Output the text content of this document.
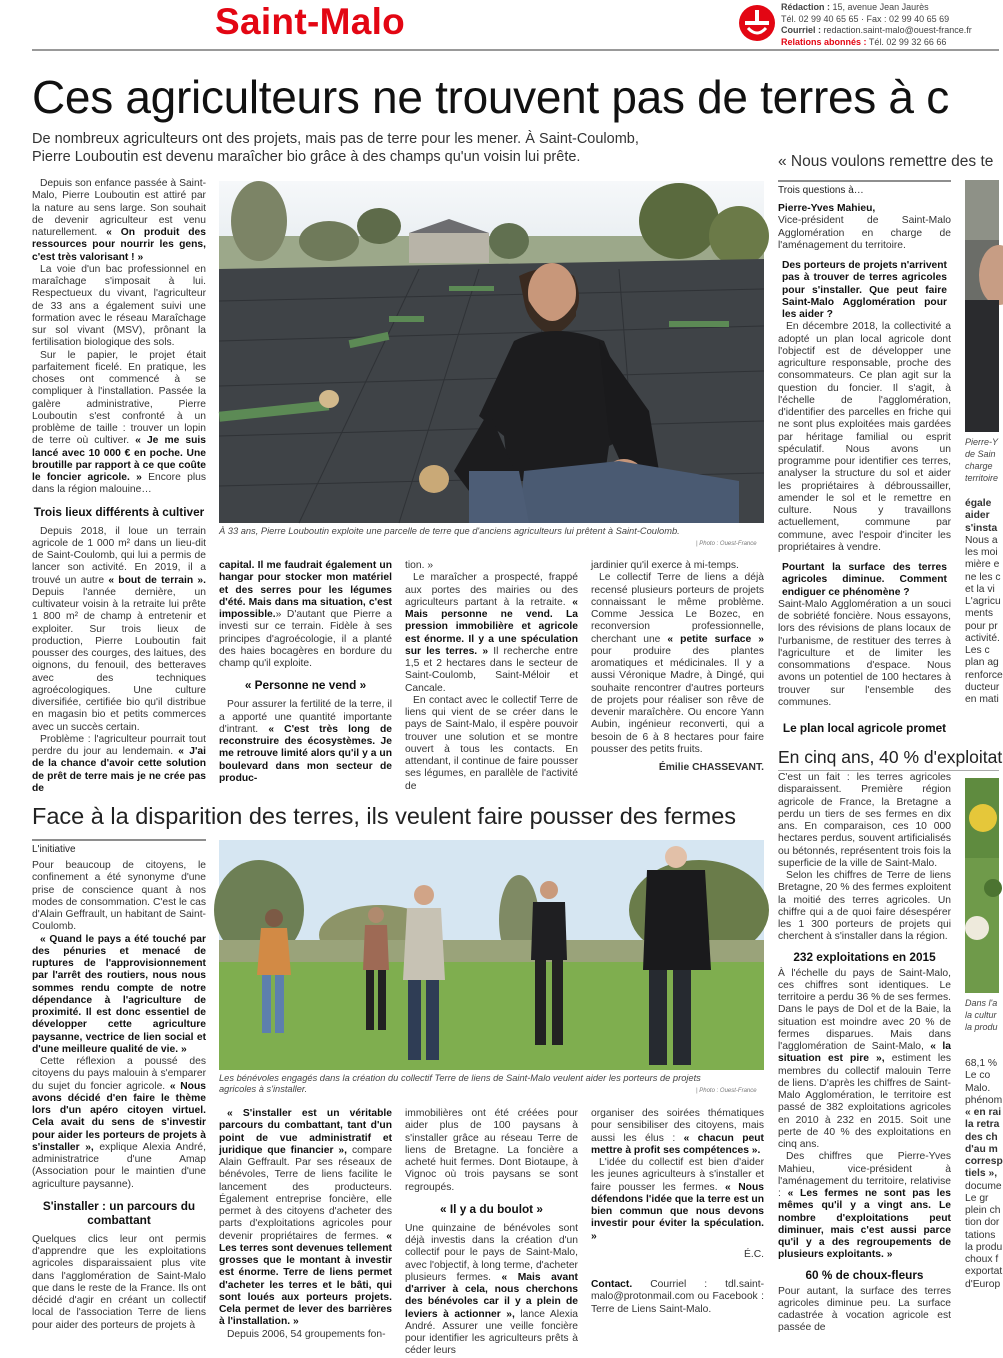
Saint-Malo	Rédaction : 15, avenue Jean Jaurès
Tél. 02 99 40 65 65 · Fax : 02 99 40 65 69
Courriel : redaction.saint-malo@ouest-france.fr
Relations abonnés : Tél. 02 99 32 66 66
Ces agriculteurs ne trouvent pas de terres à c
De nombreux agriculteurs ont des projets, mais pas de terre pour les mener. À Saint-Coulomb,
Pierre Louboutin est devenu maraîcher bio grâce à des champs qu'un voisin lui prête.

Depuis son enfance passée à Saint-Malo, Pierre Louboutin est attiré par la nature au sens large. Son souhait de devenir agriculteur est venu naturellement. « On produit des ressources pour nourrir les gens, c'est très valorisant ! »

La voie d'un bac professionnel en maraîchage s'imposait à lui. Respectueux du vivant, l'agriculteur de 33 ans a également suivi une formation avec le réseau Maraîchage sur sol vivant (MSV), prônant la fertilisation biologique des sols.

Sur le papier, le projet était parfaitement ficelé. En pratique, les choses ont commencé à se compliquer à l'installation. Passée la galère administrative, Pierre Louboutin s'est confronté à un problème de taille : trouver un lopin de terre où cultiver. « Je me suis lancé avec 10 000 € en poche. Une broutille par rapport à ce que coûte le foncier agricole. » Encore plus dans la région malouine…

Trois lieux différents à cultiver

Depuis 2018, il loue un terrain agricole de 1 000 m² dans un lieu-dit de Saint-Coulomb, qui lui a permis de lancer son activité. En 2019, il a trouvé un autre « bout de terrain ». Depuis l'année dernière, un cultivateur voisin à la retraite lui prête 1 800 m² de champ à entretenir et exploiter. Sur trois lieux de production, Pierre Louboutin fait pousser des courges, des laitues, des oignons, du fenouil, des betteraves avec des techniques agroécologiques. Une culture diversifiée, certifiée bio qu'il distribue en magasin bio et petits commerces avec un succès certain.

Problème : l'agriculteur pourrait tout perdre du jour au lendemain. « J'ai de la chance d'avoir cette solution de prêt de terre mais je ne crée pas de

À 33 ans, Pierre Louboutin exploite une parcelle de terre que d'anciens agriculteurs lui prêtent à Saint-Coulomb.
| Photo : Ouest-France

capital. Il me faudrait également un hangar pour stocker mon matériel et des serres pour les légumes d'été. Mais dans ma situation, c'est impossible.» D'autant que Pierre a investi sur ce terrain. Fidèle à ses principes d'agroécologie, il a planté des haies bocagères en bordure du champ qu'il exploite.

« Personne ne vend »

Pour assurer la fertilité de la terre, il a apporté une quantité importante d'intrant. « C'est très long de reconstruire des écosystèmes. Je me retrouve limité alors qu'il y a un boulevard dans mon secteur de produc-

tion. »

Le maraîcher a prospecté, frappé aux portes des mairies ou des agriculteurs partant à la retraite. « Mais personne ne vend. La pression immobilière et agricole est énorme. Il y a une spéculation sur les terres. » Il recherche entre 1,5 et 2 hectares dans le secteur de Saint-Coulomb, Saint-Méloir et Cancale.

En contact avec le collectif Terre de liens qui vient de se créer dans le pays de Saint-Malo, il espère pouvoir trouver une solution et se montre ouvert à tous les contacts. En attendant, il continue de faire pousser ses légumes, en parallèle de l'activité de

jardinier qu'il exerce à mi-temps.

Le collectif Terre de liens a déjà recensé plusieurs porteurs de projets connaissant le même problème. Comme Jessica Le Bozec, en reconversion professionnelle, cherchant une « petite surface » pour produire des plantes aromatiques et médicinales. Il y a aussi Véronique Madre, à Dingé, qui souhaite rencontrer d'autres porteurs de projets pour réaliser son rêve de devenir maraîchère. Ou encore Yann Aubin, ingénieur reconverti, qui a besoin de 6 à 8 hectares pour faire pousser des petits fruits.

Émilie CHASSEVANT.

« Nous voulons remettre des te
Trois questions à…

Pierre-Yves Mahieu,

Vice-président de Saint-Malo Agglomération en charge de l'aménagement du territoire.

Des porteurs de projets n'arrivent pas à trouver de terres agricoles pour s'installer. Que peut faire Saint-Malo Agglomération pour les aider ?

En décembre 2018, la collectivité a adopté un plan local agricole dont l'objectif est de développer une agriculture responsable, proche des consommateurs. Ce plan agit sur la question du foncier. Il s'agit, à l'échelle de l'agglomération, d'identifier des parcelles en friche qui ne sont plus exploitées mais gardées par héritage familial ou esprit spéculatif. Nous avons un programme pour identifier ces terres, analyser la structure du sol et aider les propriétaires à débroussailler, amender le sol et le remettre en culture. Nous y travaillons actuellement, commune par commune, avec l'espoir d'inciter les propriétaires à vendre.

Pourtant la surface des terres agricoles diminue. Comment endiguer ce phénomène ?

Saint-Malo Agglomération a un souci de sobriété foncière. Nous essayons, lors des révisions de plans locaux de l'urbanisme, de restituer des terres à l'agriculture et de limiter les consommations d'espace. Nous avons un potentiel de 100 hectares à trouver sur l'ensemble des communes.

Le plan local agricole promet
Pierre-Y
de Sain
charge
territoire
égale
aider
s'insta
Nous a
les moi
mière e
ne les c
et la vi
L'agricu
ments
pour pr
activité.
Les c
plan ag
renforce
ducteur
en mati
En cinq ans, 40 % d'exploitat

C'est un fait : les terres agricoles disparaissent. Première région agricole de France, la Bretagne a perdu un tiers de ses fermes en dix ans. En comparaison, ces 10 000 hectares perdus, souvent artificialisés ou bétonnés, représentent trois fois la superficie de la ville de Saint-Malo.

Selon les chiffres de Terre de liens Bretagne, 20 % des fermes exploitent la moitié des terres agricoles. Un chiffre qui a de quoi faire désespérer les 1 300 porteurs de projets qui cherchent à s'installer dans la région.

232 exploitations en 2015

À l'échelle du pays de Saint-Malo, ces chiffres sont identiques. Le territoire a perdu 36 % de ses fermes. Dans le pays de Dol et de la Baie, la situation est moindre avec 20 % de fermes disparues. Mais dans l'agglomération de Saint-Malo, « la situation est pire », estiment les membres du collectif malouin Terre de liens. D'après les chiffres de Saint-Malo Agglomération, le territoire est passé de 382 exploitations agricoles en 2010 à 232 en 2015. Soit une perte de 40 % des exploitations en cinq ans.

Des chiffres que Pierre-Yves Mahieu, vice-président à l'aménagement du territoire, relativise : « Les fermes ne sont pas les mêmes qu'il y a vingt ans. Le nombre d'exploitations peut diminuer, mais c'est aussi parce qu'il y a des regroupements de plusieurs exploitants. »

60 % de choux-fleurs

Pour autant, la surface des terres agricoles diminue peu. La surface cadastrée à vocation agricole est passée de

Dans l'a
la cultur
la produ
68,1 %
Le co
Malo.
phénom
« en rai
la retra
des ch
d'au m
corresp
tiels »,
docume
Le gr
plein ch
tion dor
tations
la produ
choux f
exportat
d'Europ
Face à la disparition des terres, ils veulent faire pousser des fermes
L'initiative

Pour beaucoup de citoyens, le confinement a été synonyme d'une prise de conscience quant à nos modes de consommation. C'est le cas d'Alain Geffrault, un habitant de Saint-Coulomb.

« Quand le pays a été touché par des pénuries et menacé de ruptures de l'approvisionnement par l'arrêt des routiers, nous nous sommes rendu compte de notre dépendance à l'agriculture de proximité. Il est donc essentiel de développer cette agriculture paysanne, vectrice de lien social et d'une meilleure qualité de vie. »

Cette réflexion a poussé des citoyens du pays malouin à s'emparer du sujet du foncier agricole. « Nous avons décidé d'en faire le thème lors d'un apéro citoyen virtuel. Cela avait du sens de s'investir pour aider les porteurs de projets à s'installer », explique Alexia André, administratrice d'une Amap (Association pour le maintien d'une agriculture paysanne).

S'installer : un parcours du combattant

Quelques clics leur ont permis d'apprendre que les exploitations agricoles disparaissaient plus vite dans l'agglomération de Saint-Malo que dans le reste de la France. Ils ont décidé d'agir en créant un collectif local de l'association Terre de liens pour aider des porteurs de projets à

Les bénévoles engagés dans la création du collectif Terre de liens de Saint-Malo veulent aider les porteurs de projets agricoles à s'installer.	| Photo : Ouest-France

« S'installer est un véritable parcours du combattant, tant d'un point de vue administratif et juridique que financier », compare Alain Geffrault. Par ses réseaux de bénévoles, Terre de liens facilite le lancement des producteurs. Également entreprise foncière, elle permet à des citoyens d'acheter des parts d'exploitations agricoles pour devenir propriétaires de fermes. « Les terres sont devenues tellement grosses que le montant à investir est énorme. Terre de liens permet d'acheter les terres et le bâti, qui sont loués aux porteurs projets. Cela permet de lever des barrières à l'installation. »

Depuis 2006, 54 groupements fon-

immobilières ont été créées pour aider plus de 100 paysans à s'installer grâce au réseau Terre de liens de Bretagne. La foncière a acheté huit fermes. Dont Biotaupe, à Vignoc où trois paysans se sont regroupés.

« Il y a du boulot »

Une quinzaine de bénévoles sont déjà investis dans la création d'un collectif pour le pays de Saint-Malo, avec l'objectif, à long terme, d'acheter plusieurs fermes. « Mais avant d'arriver à cela, nous cherchons des bénévoles car il y a plein de leviers à actionner », lance Alexia André. Assurer une veille foncière pour identifier les agriculteurs prêts à céder leurs

organiser des soirées thématiques pour sensibiliser des citoyens, mais aussi les élus : « chacun peut mettre à profit ses compétences ».

L'idée du collectif est bien d'aider les jeunes agriculteurs à s'installer et faire pousser les fermes. « Nous défendons l'idée que la terre est un bien commun que nous devons investir pour éviter la spéculation. »

É.C.

Contact. Courriel : tdl.saint-malo@protonmail.com ou Facebook : Terre de Liens Saint-Malo.
